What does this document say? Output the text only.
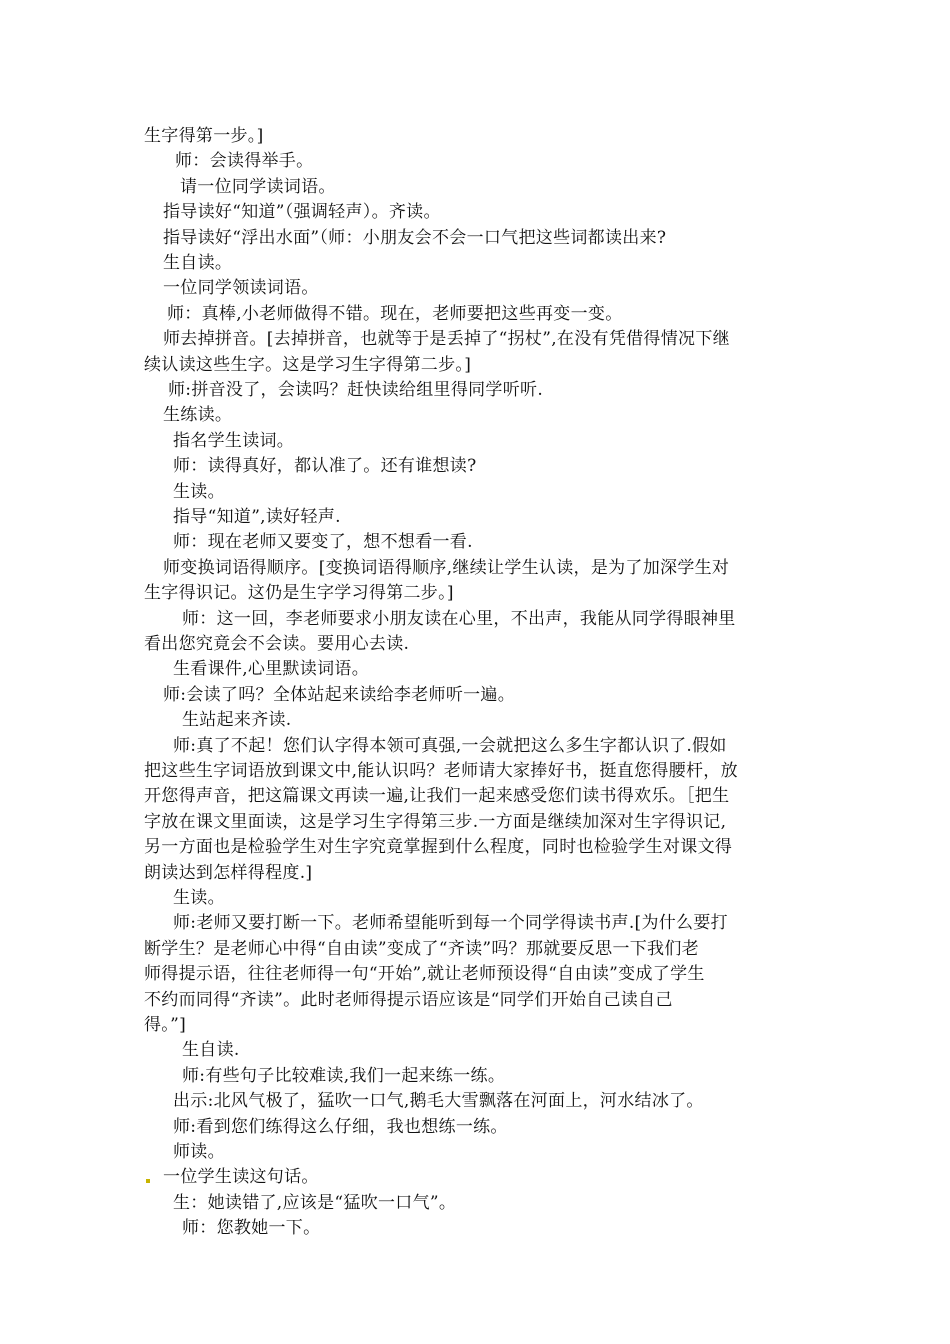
生字得第一步。]
师：会读得举手。
请一位同学读词语。
指导读好“知道”（强调轻声）。齐读。
指导读好“浮出水面”（师：小朋友会不会一口气把这些词都读出来?
生自读。
一位同学领读词语。
师：真棒,小老师做得不错。现在，老师要把这些再变一变。
师去掉拼音。[去掉拼音，也就等于是丢掉了“拐杖”,在没有凭借得情况下继
续认读这些生字。这是学习生字得第二步。]
师:拼音没了，会读吗？赶快读给组里得同学听听.
生练读。
指名学生读词。
师：读得真好，都认准了。还有谁想读?
生读。
指导“知道”,读好轻声.
师：现在老师又要变了，想不想看一看.
师变换词语得顺序。[变换词语得顺序,继续让学生认读，是为了加深学生对
生字得识记。这仍是生字学习得第二步。]
师：这一回，李老师要求小朋友读在心里，不出声，我能从同学得眼神里
看出您究竟会不会读。要用心去读.
生看课件,心里默读词语。
师:会读了吗？全体站起来读给李老师听一遍。
生站起来齐读.
师:真了不起！您们认字得本领可真强,一会就把这么多生字都认识了.假如
把这些生字词语放到课文中,能认识吗？老师请大家捧好书，挺直您得腰杆，放
开您得声音，把这篇课文再读一遍,让我们一起来感受您们读书得欢乐。［把生
字放在课文里面读，这是学习生字得第三步.一方面是继续加深对生字得识记,
另一方面也是检验学生对生字究竟掌握到什么程度，同时也检验学生对课文得
朗读达到怎样得程度.]
生读。
师:老师又要打断一下。老师希望能听到每一个同学得读书声.[为什么要打
断学生？是老师心中得“自由读”变成了“齐读”吗？那就要反思一下我们老
师得提示语，往往老师得一句“开始”,就让老师预设得“自由读”变成了学生
不约而同得“齐读”。此时老师得提示语应该是“同学们开始自己读自己
得。”]
生自读.
师:有些句子比较难读,我们一起来练一练。
出示:北风气极了，猛吹一口气,鹅毛大雪飘落在河面上，河水结冰了。
师:看到您们练得这么仔细，我也想练一练。
师读。
一位学生读这句话。
生：她读错了,应该是“猛吹一口气”。
师：您教她一下。
